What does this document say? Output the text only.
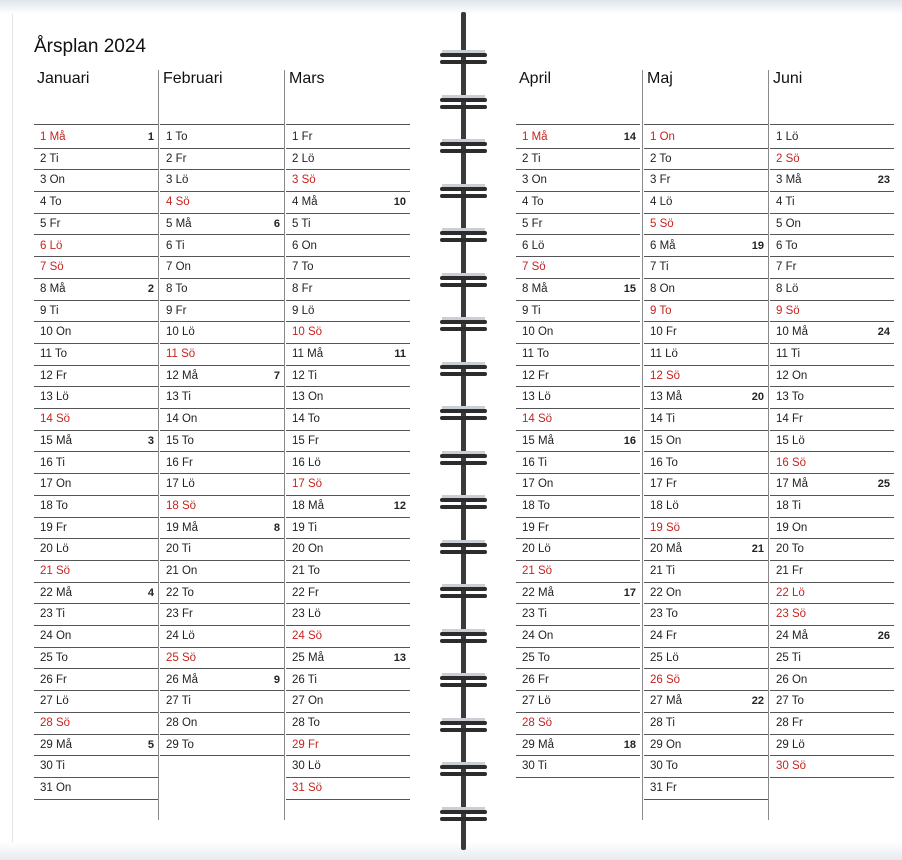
Årsplan 2024
Januari
1 Må	1
2 Ti
3 On
4 To
5 Fr
6 Lö
7 Sö
8 Må	2
9 Ti
10 On
11 To
12 Fr
13 Lö
14 Sö
15 Må	3
16 Ti
17 On
18 To
19 Fr
20 Lö
21 Sö
22 Må	4
23 Ti
24 On
25 To
26 Fr
27 Lö
28 Sö
29 Må	5
30 Ti
31 On
Februari
1 To
2 Fr
3 Lö
4 Sö
5 Må	6
6 Ti
7 On
8 To
9 Fr
10 Lö
11 Sö
12 Må	7
13 Ti
14 On
15 To
16 Fr
17 Lö
18 Sö
19 Må	8
20 Ti
21 On
22 To
23 Fr
24 Lö
25 Sö
26 Må	9
27 Ti
28 On
29 To
Mars
1 Fr
2 Lö
3 Sö
4 Må	10
5 Ti
6 On
7 To
8 Fr
9 Lö
10 Sö
11 Må	11
12 Ti
13 On
14 To
15 Fr
16 Lö
17 Sö
18 Må	12
19 Ti
20 On
21 To
22 Fr
23 Lö
24 Sö
25 Må	13
26 Ti
27 On
28 To
29 Fr
30 Lö
31 Sö
April
1 Må	14
2 Ti
3 On
4 To
5 Fr
6 Lö
7 Sö
8 Må	15
9 Ti
10 On
11 To
12 Fr
13 Lö
14 Sö
15 Må	16
16 Ti
17 On
18 To
19 Fr
20 Lö
21 Sö
22 Må	17
23 Ti
24 On
25 To
26 Fr
27 Lö
28 Sö
29 Må	18
30 Ti
Maj
1 On
2 To
3 Fr
4 Lö
5 Sö
6 Må	19
7 Ti
8 On
9 To
10 Fr
11 Lö
12 Sö
13 Må	20
14 Ti
15 On
16 To
17 Fr
18 Lö
19 Sö
20 Må	21
21 Ti
22 On
23 To
24 Fr
25 Lö
26 Sö
27 Må	22
28 Ti
29 On
30 To
31 Fr
Juni
1 Lö
2 Sö
3 Må	23
4 Ti
5 On
6 To
7 Fr
8 Lö
9 Sö
10 Må	24
11 Ti
12 On
13 To
14 Fr
15 Lö
16 Sö
17 Må	25
18 Ti
19 On
20 To
21 Fr
22 Lö
23 Sö
24 Må	26
25 Ti
26 On
27 To
28 Fr
29 Lö
30 Sö
